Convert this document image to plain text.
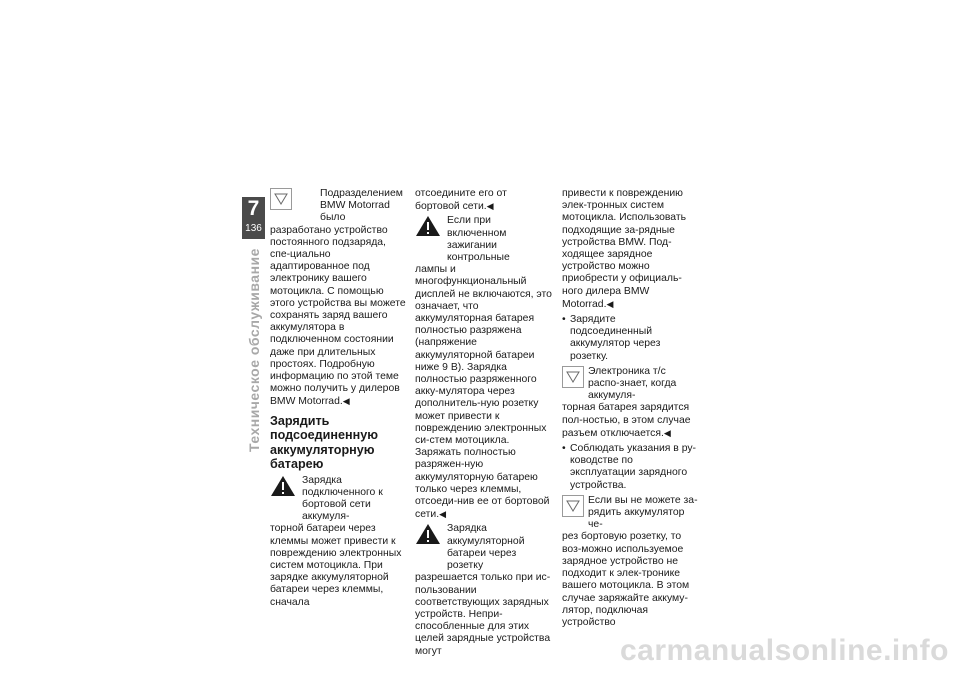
7
136
Техническое обслуживание

Подразделением BMW Motorrad было
разработано устройство постоянного подзаряда, спе-циально адаптированное под электронику вашего мотоцикла. С помощью этого устройства вы можете сохранять заряд вашего аккумулятора в подключенном состоянии даже при длительных простоях. Подробную информацию по этой теме можно получить у дилеров BMW Motorrad.◀

Зарядить подсоединенную аккумуляторную батарею

Зарядка подключенного к бортовой сети аккумуля-
торной батареи через клеммы может привести к повреждению электронных систем мотоцикла. При зарядке аккумуляторной батареи через клеммы, сначала

отсоедините его от бортовой сети.◀

Если при включенном зажигании контрольные
лампы и многофункциональный дисплей не включаются, это означает, что аккумуляторная батарея полностью разряжена (напряжение аккумуляторной батареи ниже 9 В). Зарядка полностью разряженного акку-мулятора через дополнитель-ную розетку может привести к повреждению электронных си-стем мотоцикла.

Заряжать полностью разряжен-ную аккумуляторную батарею только через клеммы, отсоеди-нив ее от бортовой сети.◀

Зарядка аккумуляторной батареи через розетку
разрешается только при ис-пользовании соответствующих зарядных устройств. Непри-способленные для этих целей зарядные устройства могут

привести к повреждению элек-тронных систем мотоцикла. Использовать подходящие за-рядные устройства BMW. Под-ходящее зарядное устройство можно приобрести у официаль-ного дилера BMW Motorrad.◀

• Зарядите подсоединенный аккумулятор через розетку.

Электроника т/с распо-знает, когда аккумуля-
торная батарея зарядится пол-ностью, в этом случае разъем отключается.◀

• Соблюдать указания в ру-ководстве по эксплуатации зарядного устройства.

Если вы не можете за-рядить аккумулятор че-
рез бортовую розетку, то воз-можно используемое зарядное устройство не подходит к элек-тронике вашего мотоцикла. В этом случае заряжайте аккуму-лятор, подключая устройство

carmanualsonline.info
